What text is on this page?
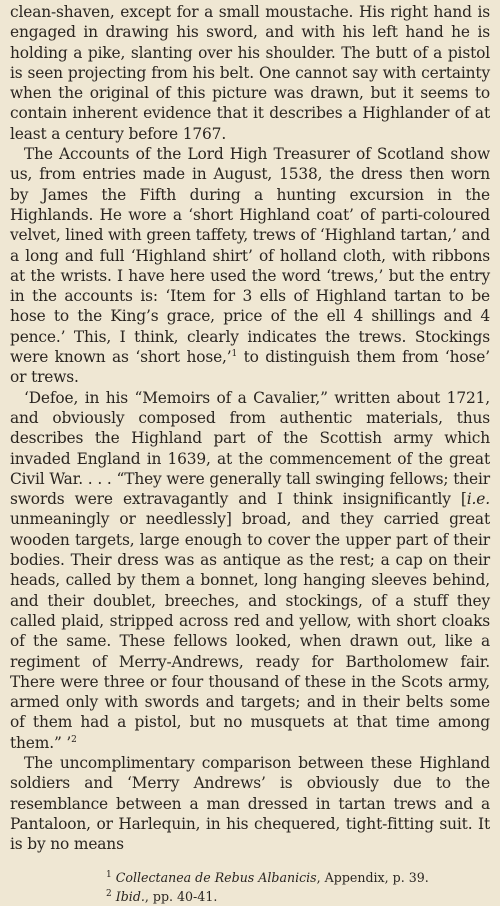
clean-shaven, except for a small moustache. His right hand is engaged in drawing his sword, and with his left hand he is holding a pike, slanting over his shoulder. The butt of a pistol is seen projecting from his belt. One cannot say with certainty when the original of this picture was drawn, but it seems to contain inherent evidence that it describes a Highlander of at least a century before 1767.

The Accounts of the Lord High Treasurer of Scotland show us, from entries made in August, 1538, the dress then worn by James the Fifth during a hunting excursion in the Highlands. He wore a ‘short Highland coat’ of parti-coloured velvet, lined with green taffety, trews of ‘Highland tartan,’ and a long and full ‘Highland shirt’ of holland cloth, with ribbons at the wrists. I have here used the word ‘trews,’ but the entry in the accounts is: ‘Item for 3 ells of Highland tartan to be hose to the King’s grace, price of the ell 4 shillings and 4 pence.’ This, I think, clearly indicates the trews. Stockings were known as ‘short hose,’$^1$ to distinguish them from ‘hose’ or trews.

‘Defoe, in his “Memoirs of a Cavalier,” written about 1721, and obviously composed from authentic materials, thus describes the Highland part of the Scottish army which invaded England in 1639, at the commencement of the great Civil War. . . . “They were generally tall swinging fellows; their swords were extravagantly and I think insignificantly [i.e. unmeaningly or needlessly] broad, and they carried great wooden targets, large enough to cover the upper part of their bodies. Their dress was as antique as the rest; a cap on their heads, called by them a bonnet, long hanging sleeves behind, and their doublet, breeches, and stockings, of a stuff they called plaid, stripped across red and yellow, with short cloaks of the same. These fellows looked, when drawn out, like a regiment of Merry-Andrews, ready for Bartholomew fair. There were three or four thousand of these in the Scots army, armed only with swords and targets; and in their belts some of them had a pistol, but no musquets at that time among them.” ’$^2$

The uncomplimentary comparison between these Highland soldiers and ‘Merry Andrews’ is obviously due to the resemblance between a man dressed in tartan trews and a Pantaloon, or Harlequin, in his chequered, tight-fitting suit. It is by no means

$^1$ Collectanea de Rebus Albanicis, Appendix, p. 39.

$^2$ Ibid., pp. 40-41.
